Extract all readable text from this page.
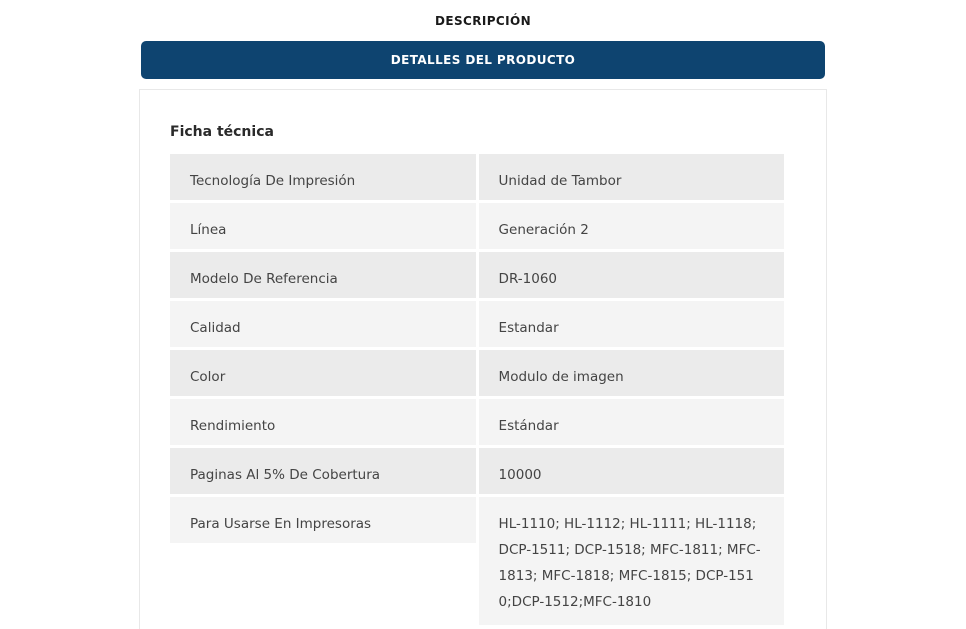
DESCRIPCIÓN
DETALLES DEL PRODUCTO
Ficha técnica
Tecnología De Impresión	Unidad de Tambor
Línea	Generación 2
Modelo De Referencia	DR-1060
Calidad	Estandar
Color	Modulo de imagen
Rendimiento	Estándar
Paginas Al 5% De Cobertura	10000

Para Usarse En Impresoras	HL-1110; HL-1112; HL-1111; HL-1118; DCP-1511; DCP-1518; MFC-1811; MFC-1813; MFC-1818; MFC-1815; DCP-1510;DCP-1512;MFC-1810
